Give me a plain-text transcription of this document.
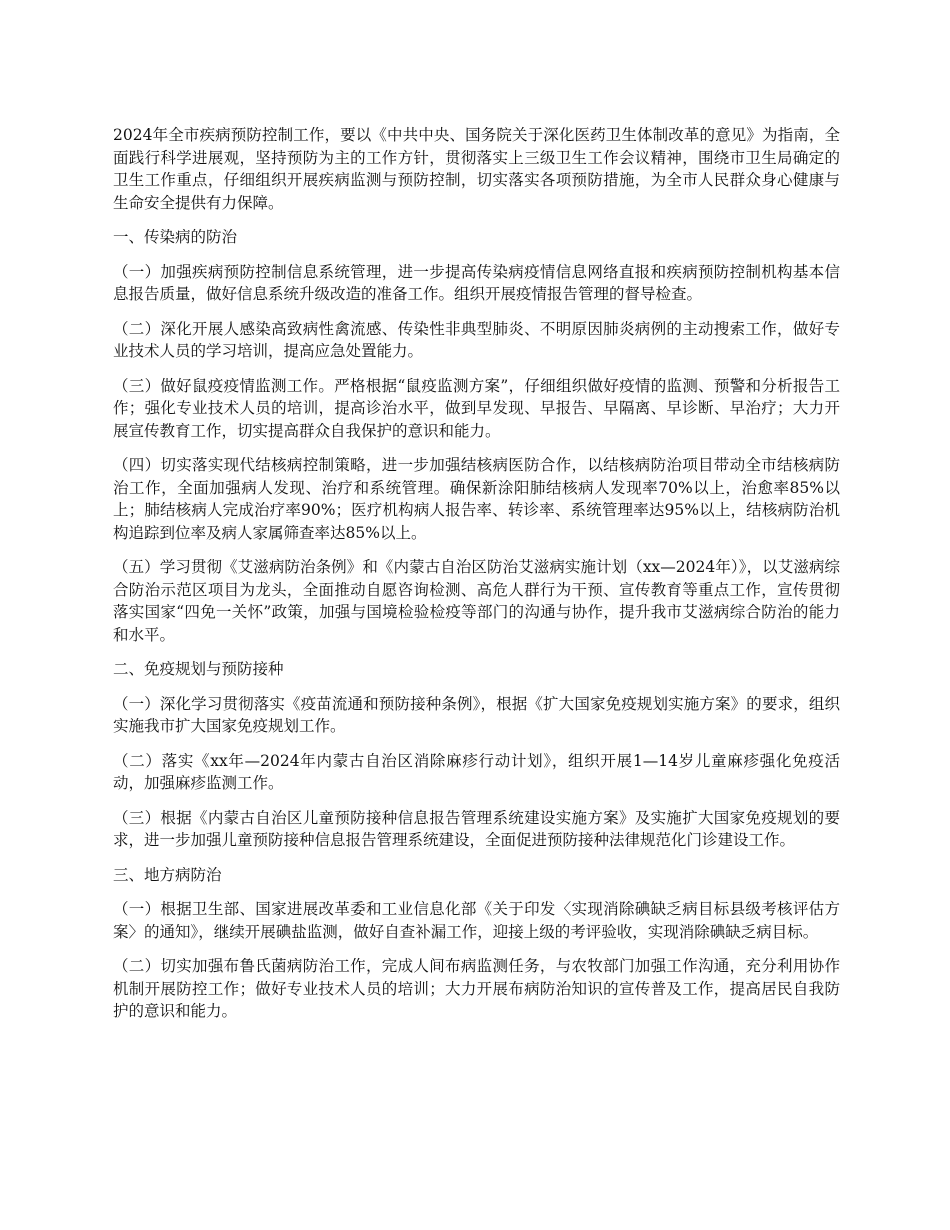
2024年全市疾病预防控制工作，要以《中共中央、国务院关于深化医药卫生体制改革的意见》为指南，全面践行科学进展观，坚持预防为主的工作方针，贯彻落实上三级卫生工作会议精神，围绕市卫生局确定的卫生工作重点，仔细组织开展疾病监测与预防控制，切实落实各项预防措施，为全市人民群众身心健康与生命安全提供有力保障。

一、传染病的防治

（一）加强疾病预防控制信息系统管理，进一步提高传染病疫情信息网络直报和疾病预防控制机构基本信息报告质量，做好信息系统升级改造的准备工作。组织开展疫情报告管理的督导检查。

（二）深化开展人感染高致病性禽流感、传染性非典型肺炎、不明原因肺炎病例的主动搜索工作，做好专业技术人员的学习培训，提高应急处置能力。

（三）做好鼠疫疫情监测工作。严格根据“鼠疫监测方案”，仔细组织做好疫情的监测、预警和分析报告工作；强化专业技术人员的培训，提高诊治水平，做到早发现、早报告、早隔离、早诊断、早治疗；大力开展宣传教育工作，切实提高群众自我保护的意识和能力。

（四）切实落实现代结核病控制策略，进一步加强结核病医防合作，以结核病防治项目带动全市结核病防治工作，全面加强病人发现、治疗和系统管理。确保新涂阳肺结核病人发现率70%以上，治愈率85%以上；肺结核病人完成治疗率90%；医疗机构病人报告率、转诊率、系统管理率达95%以上，结核病防治机构追踪到位率及病人家属筛查率达85%以上。

（五）学习贯彻《艾滋病防治条例》和《内蒙古自治区防治艾滋病实施计划（xx—2024年）》，以艾滋病综合防治示范区项目为龙头，全面推动自愿咨询检测、高危人群行为干预、宣传教育等重点工作，宣传贯彻落实国家“四免一关怀”政策，加强与国境检验检疫等部门的沟通与协作，提升我市艾滋病综合防治的能力和水平。

二、免疫规划与预防接种

（一）深化学习贯彻落实《疫苗流通和预防接种条例》，根据《扩大国家免疫规划实施方案》的要求，组织实施我市扩大国家免疫规划工作。

（二）落实《xx年—2024年内蒙古自治区消除麻疹行动计划》，组织开展1—14岁儿童麻疹强化免疫活动，加强麻疹监测工作。

（三）根据《内蒙古自治区儿童预防接种信息报告管理系统建设实施方案》及实施扩大国家免疫规划的要求，进一步加强儿童预防接种信息报告管理系统建设，全面促进预防接种法律规范化门诊建设工作。

三、地方病防治

（一）根据卫生部、国家进展改革委和工业信息化部《关于印发〈实现消除碘缺乏病目标县级考核评估方案〉的通知》，继续开展碘盐监测，做好自查补漏工作，迎接上级的考评验收，实现消除碘缺乏病目标。

（二）切实加强布鲁氏菌病防治工作，完成人间布病监测任务，与农牧部门加强工作沟通，充分利用协作机制开展防控工作；做好专业技术人员的培训；大力开展布病防治知识的宣传普及工作，提高居民自我防护的意识和能力。
